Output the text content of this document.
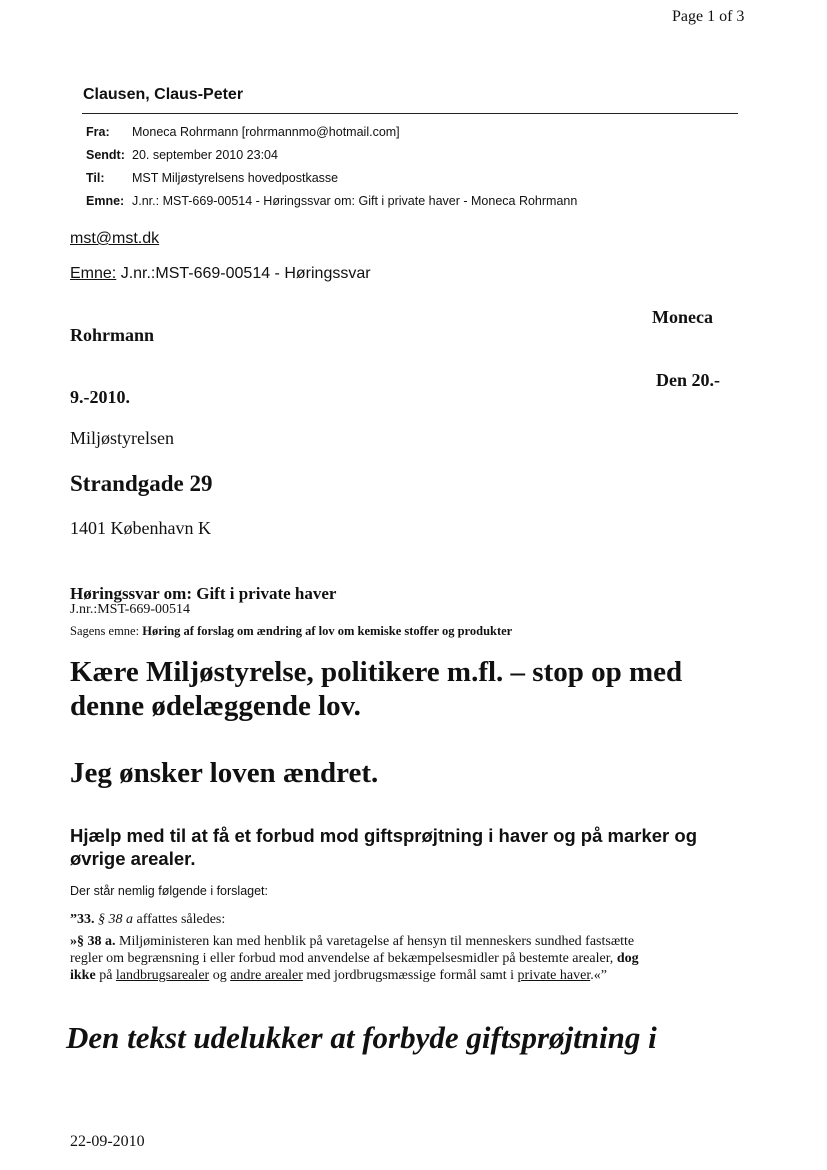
Page 1 of 3
Clausen, Claus-Peter
Fra: Moneca Rohrmann [rohrmannmo@hotmail.com]
Sendt: 20. september 2010 23:04
Til: MST Miljøstyrelsens hovedpostkasse
Emne: J.nr.: MST-669-00514 - Høringssvar om: Gift i private haver - Moneca Rohrmann
mst@mst.dk
Emne: J.nr.:MST-669-00514 - Høringssvar
Moneca
Rohrmann
Den 20.-
9.-2010.
Miljøstyrelsen
Strandgade 29
1401 København K
Høringssvar om: Gift i private haver
J.nr.:MST-669-00514
Sagens emne: Høring af forslag om ændring af lov om kemiske stoffer og produkter
Kære Miljøstyrelse, politikere m.fl. – stop op med
denne ødelæggende lov.
Jeg ønsker loven ændret.
Hjælp med til at få et forbud mod giftsprøjtning i haver og på marker og
øvrige arealer.
Der står nemlig følgende i forslaget:
”33. § 38 a affattes således:
»§ 38 a. Miljøministeren kan med henblik på varetagelse af hensyn til menneskers sundhed fastsætte
regler om begrænsning i eller forbud mod anvendelse af bekæmpelsesmidler på bestemte arealer, dog
ikke på landbrugsarealer og andre arealer med jordbrugsmæssige formål samt i private haver.«”
Den tekst udelukker at forbyde giftsprøjtning i
22-09-2010
